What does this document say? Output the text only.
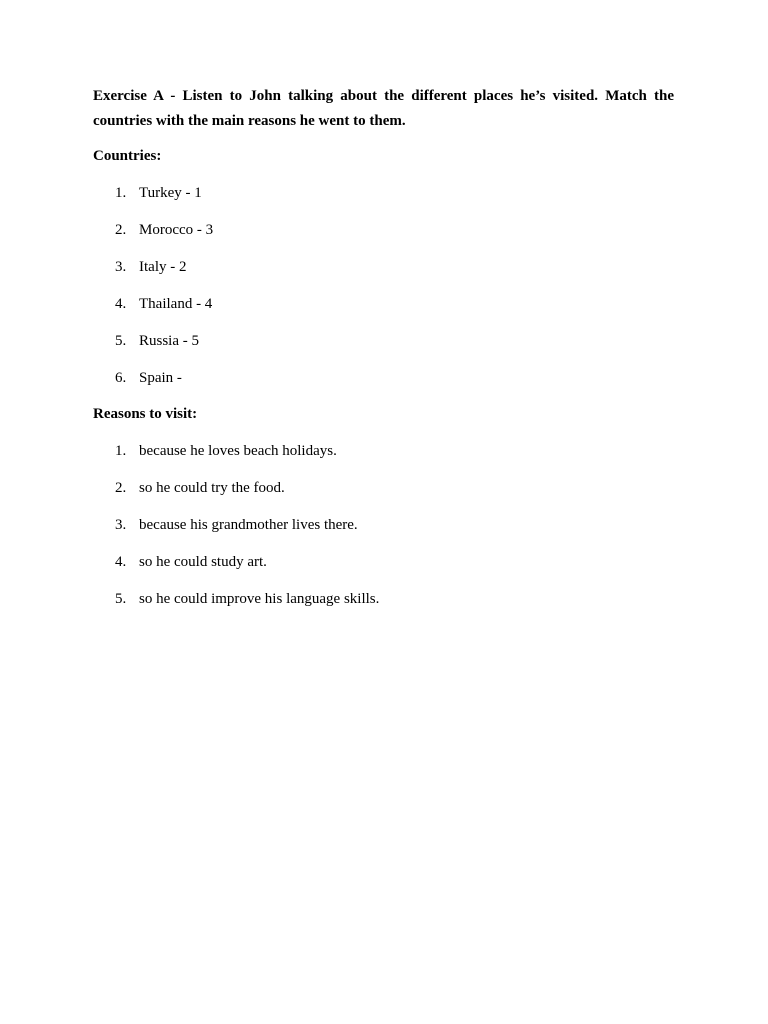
Exercise A - Listen to John talking about the different places he’s visited. Match the countries with the main reasons he went to them.

Countries:

1. Turkey - 1
2. Morocco - 3
3. Italy - 2
4. Thailand - 4
5. Russia - 5
6. Spain -

Reasons to visit:

1. because he loves beach holidays.
2. so he could try the food.
3. because his grandmother lives there.
4. so he could study art.
5. so he could improve his language skills.
